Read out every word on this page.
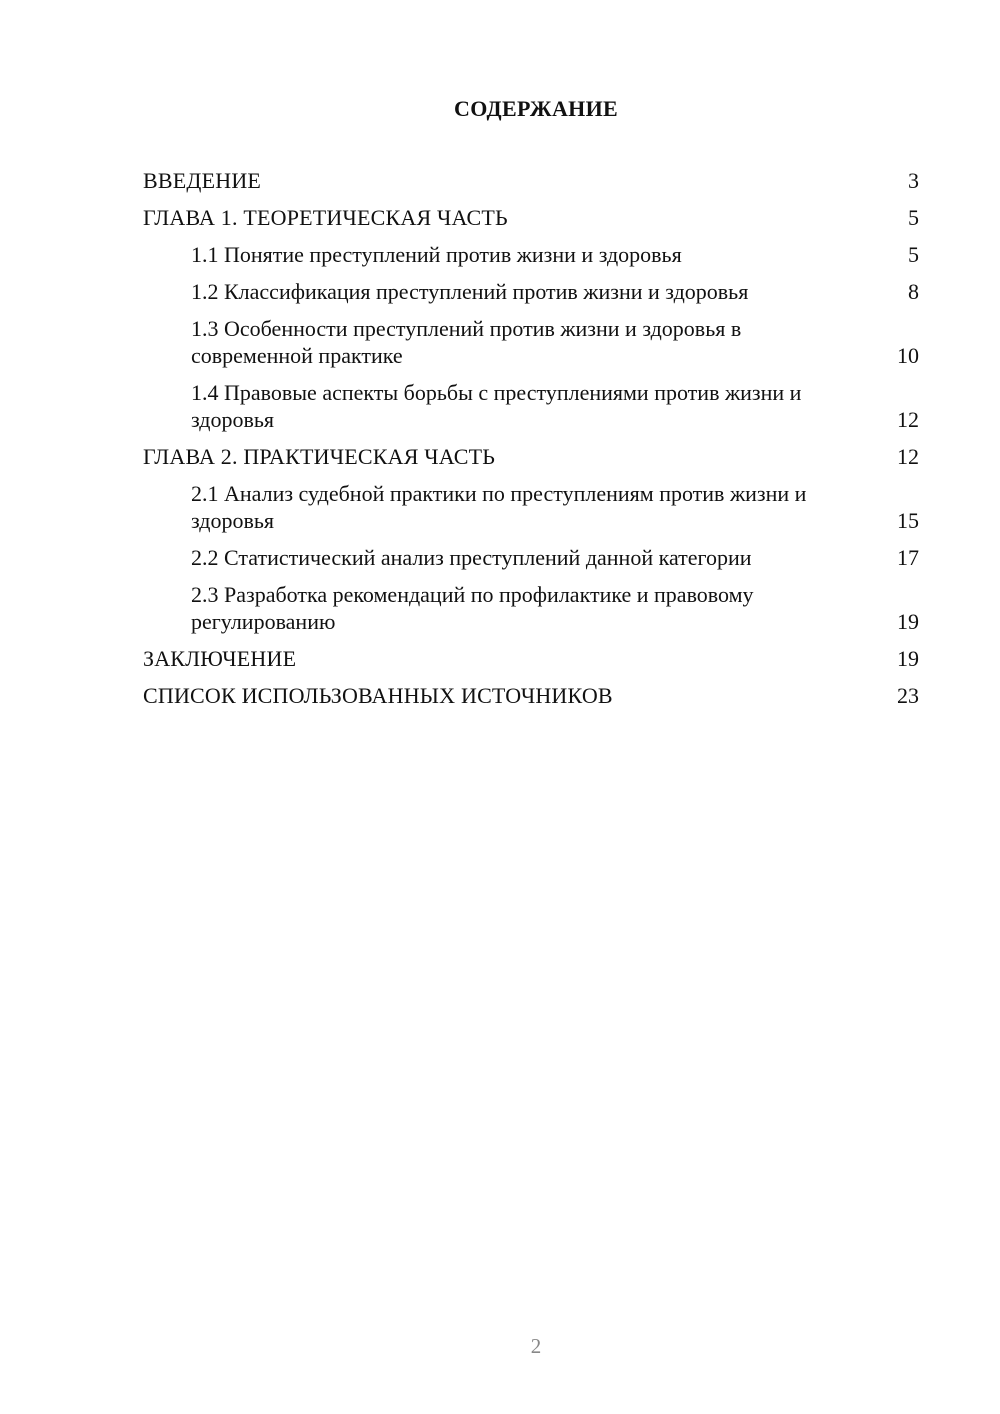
СОДЕРЖАНИЕ
ВВЕДЕНИЕ	3
ГЛАВА 1. ТЕОРЕТИЧЕСКАЯ ЧАСТЬ	5
1.1 Понятие преступлений против жизни и здоровья	5
1.2 Классификация преступлений против жизни и здоровья	8
1.3 Особенности преступлений против жизни и здоровья в современной практике	10
1.4 Правовые аспекты борьбы с преступлениями против жизни и здоровья	12
ГЛАВА 2. ПРАКТИЧЕСКАЯ ЧАСТЬ	12
2.1 Анализ судебной практики по преступлениям против жизни и здоровья	15
2.2 Статистический анализ преступлений данной категории	17
2.3 Разработка рекомендаций по профилактике и правовому регулированию	19
ЗАКЛЮЧЕНИЕ	19
СПИСОК ИСПОЛЬЗОВАННЫХ ИСТОЧНИКОВ	23
2
